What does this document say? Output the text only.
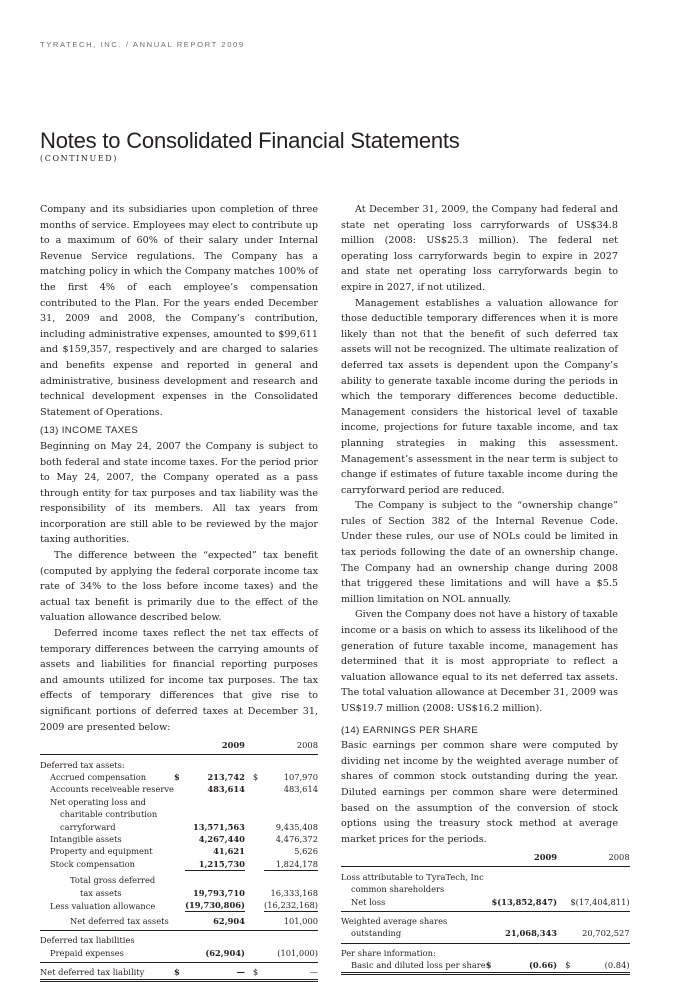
TYRATECH, INC. / ANNUAL REPORT 2009
Notes to Consolidated Financial Statements
(CONTINUED)

Company and its subsidiaries upon completion of three months of service. Employees may elect to contribute up to a maximum of 60% of their salary under Internal Revenue Service regulations. The Company has a matching policy in which the Company matches 100% of the first 4% of each employee’s compensation contributed to the Plan. For the years ended December 31, 2009 and 2008, the Company’s contribution, including administrative expenses, amounted to $99,611 and $159,357, respectively and are charged to salaries and benefits expense and reported in general and administrative, business development and research and technical development expenses in the Consolidated Statement of Operations.

(13) INCOME TAXES

Beginning on May 24, 2007 the Company is subject to both federal and state income taxes. For the period prior to May 24, 2007, the Company operated as a pass through entity for tax purposes and tax liability was the responsibility of its members. All tax years from incorporation are still able to be reviewed by the major taxing authorities.

The difference between the “expected” tax benefit (computed by applying the federal corporate income tax rate of 34% to the loss before income taxes) and the actual tax benefit is primarily due to the effect of the valuation allowance described below.

Deferred income taxes reflect the net tax effects of temporary differences between the carrying amounts of assets and liabilities for financial reporting purposes and amounts utilized for income tax purposes. The tax effects of temporary differences that give rise to significant portions of deferred taxes at December 31, 2009 are presented below:

		2009		2008
Deferred tax assets:				
Accrued compensation	$	213,742	$	107,970
Accounts receiveable reserve		483,614		483,614
Net operating loss and				
charitable contribution				
carryforward		13,571,563		9,435,408
Intangible assets		4,267,440		4,476,372
Property and equipment		41,621		5,626
Stock compensation		1,215,730		1,824,178
Total gross deferred				
tax assets		19,793,710		16,333,168
Less valuation allowance		(19,730,806)		(16,232,168)
Net deferred tax assets		62,904		101,000
Deferred tax liabilities				
Prepaid expenses		(62,904)		(101,000)
Net deferred tax liability	$	—	$	—

At December 31, 2009, the Company had federal and state net operating loss carryforwards of US$34.8 million (2008: US$25.3 million). The federal net operating loss carryforwards begin to expire in 2027 and state net operating loss carryforwards begin to expire in 2027, if not utilized.

Management establishes a valuation allowance for those deductible temporary differences when it is more likely than not that the benefit of such deferred tax assets will not be recognized. The ultimate realization of deferred tax assets is dependent upon the Company’s ability to generate taxable income during the periods in which the temporary differences become deductible. Management considers the historical level of taxable income, projections for future taxable income, and tax planning strategies in making this assessment. Management’s assessment in the near term is subject to change if estimates of future taxable income during the carryforward period are reduced.

The Company is subject to the “ownership change” rules of Section 382 of the Internal Revenue Code. Under these rules, our use of NOLs could be limited in tax periods following the date of an ownership change. The Company had an ownership change during 2008 that triggered these limitations and will have a $5.5 million limitation on NOL annually.

Given the Company does not have a history of taxable income or a basis on which to assess its likelihood of the generation of future taxable income, management has determined that it is most appropriate to reflect a valuation allowance equal to its net deferred tax assets. The total valuation allowance at December 31, 2009 was US$19.7 million (2008: US$16.2 million).

(14) EARNINGS PER SHARE

Basic earnings per common share were computed by dividing net income by the weighted average number of shares of common stock outstanding during the year. Diluted earnings per common share were determined based on the assumption of the conversion of stock options using the treasury stock method at average market prices for the periods.

		2009		2008
Loss attributable to TyraTech, Inc				
common shareholders				
Net loss		$(13,852,847)		$(17,404,811)
Weighted average shares				
outstanding		21,068,343		20,702,527
Per share information:				
Basic and diluted loss per share	$	(0.66)	$	(0.84)
